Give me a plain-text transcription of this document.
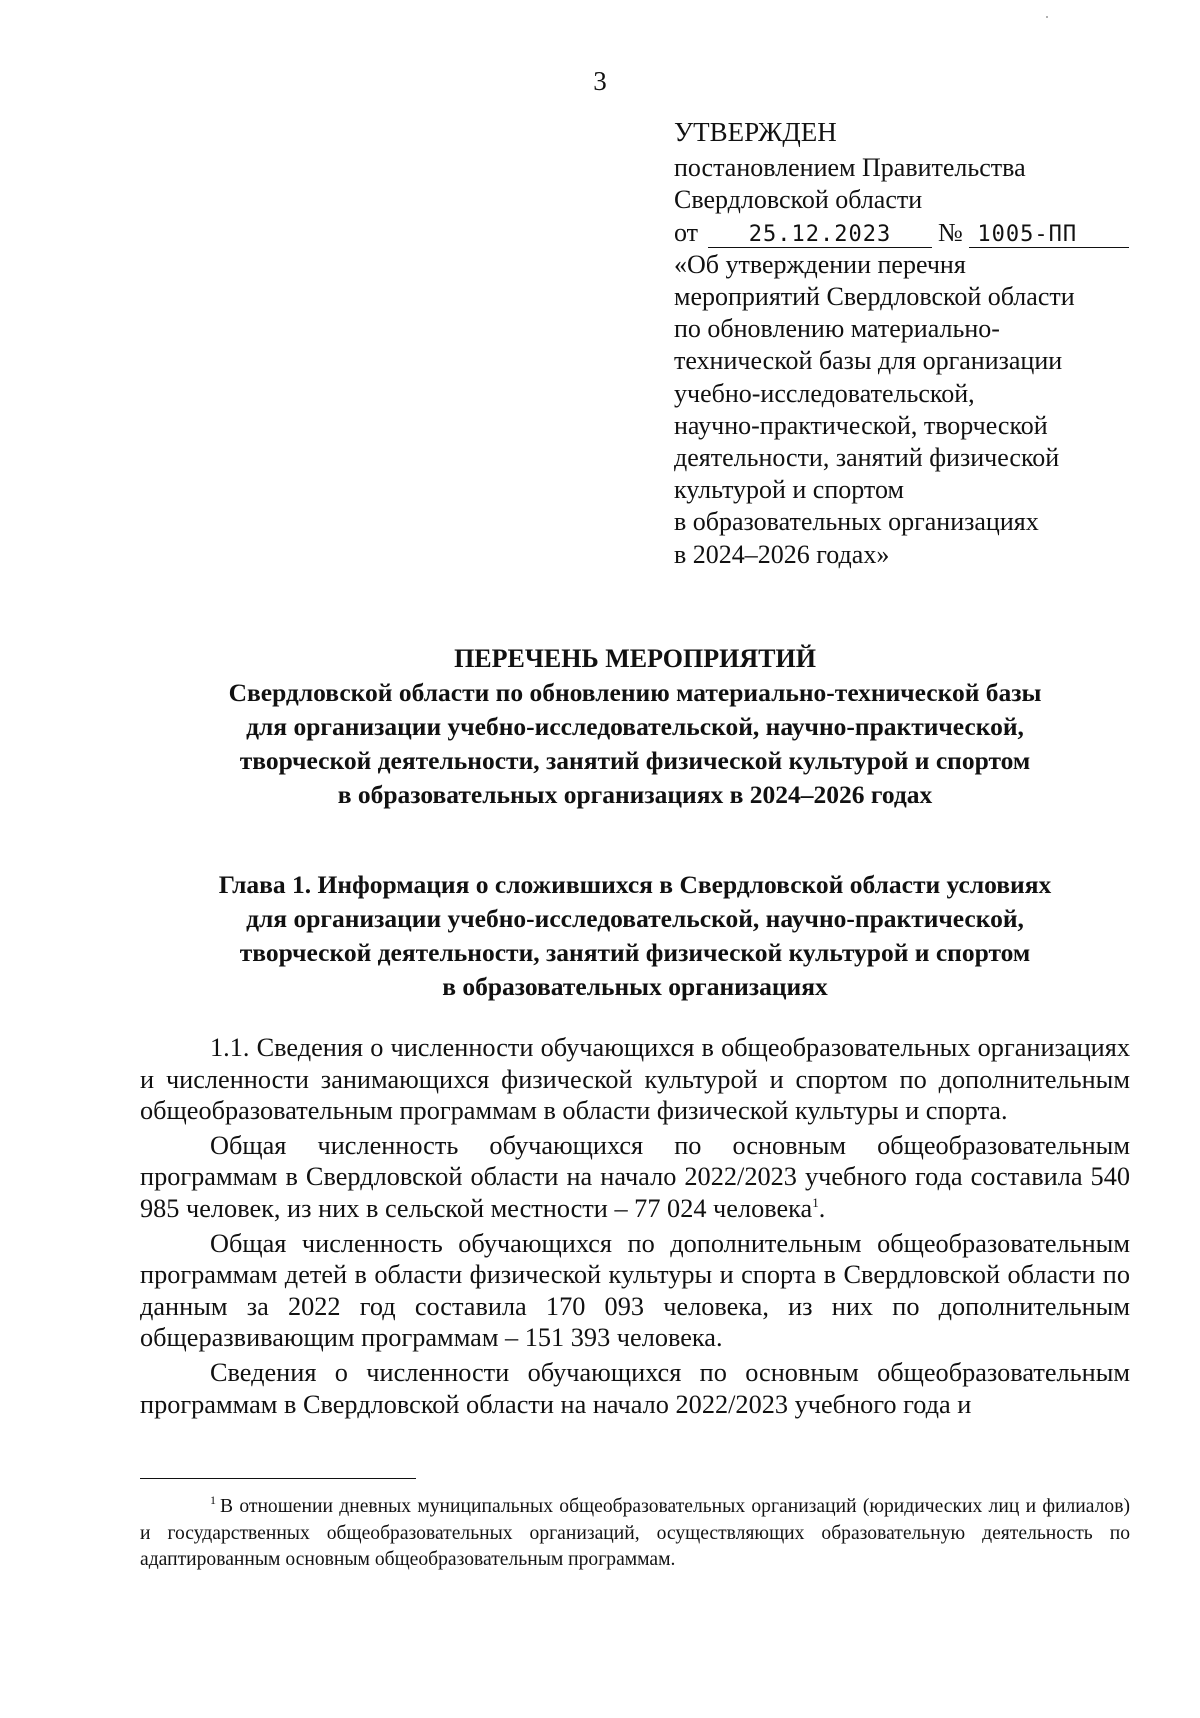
3
УТВЕРЖДЕН
постановлением Правительства
Свердловской области
от 25.12.2023 № 1005-ПП
«Об утверждении перечня
мероприятий Свердловской области
по обновлению материально-
технической базы для организации
учебно-исследовательской,
научно-практической, творческой
деятельности, занятий физической
культурой и спортом
в образовательных организациях
в 2024–2026 годах»
ПЕРЕЧЕНЬ МЕРОПРИЯТИЙ
Свердловской области по обновлению материально-технической базы
для организации учебно-исследовательской, научно-практической,
творческой деятельности, занятий физической культурой и спортом
в образовательных организациях в 2024–2026 годах
Глава 1. Информация о сложившихся в Свердловской области условиях
для организации учебно-исследовательской, научно-практической,
творческой деятельности, занятий физической культурой и спортом
в образовательных организациях

1.1. Сведения о численности обучающихся в общеобразовательных организациях и численности занимающихся физической культурой и спортом по дополнительным общеобразовательным программам в области физической культуры и спорта.

Общая численность обучающихся по основным общеобразовательным программам в Свердловской области на начало 2022/2023 учебного года составила 540 985 человек, из них в сельской местности – 77 024 человека$^1$.

Общая численность обучающихся по дополнительным общеобразовательным программам детей в области физической культуры и спорта в Свердловской области по данным за 2022 год составила 170 093 человека, из них по дополнительным общеразвивающим программам – 151 393 человека.

Сведения о численности обучающихся по основным общеобразовательным программам в Свердловской области на начало 2022/2023 учебного года и

$^1$ В отношении дневных муниципальных общеобразовательных организаций (юридических лиц и филиалов) и государственных общеобразовательных организаций, осуществляющих образовательную деятельность по адаптированным основным общеобразовательным программам.
